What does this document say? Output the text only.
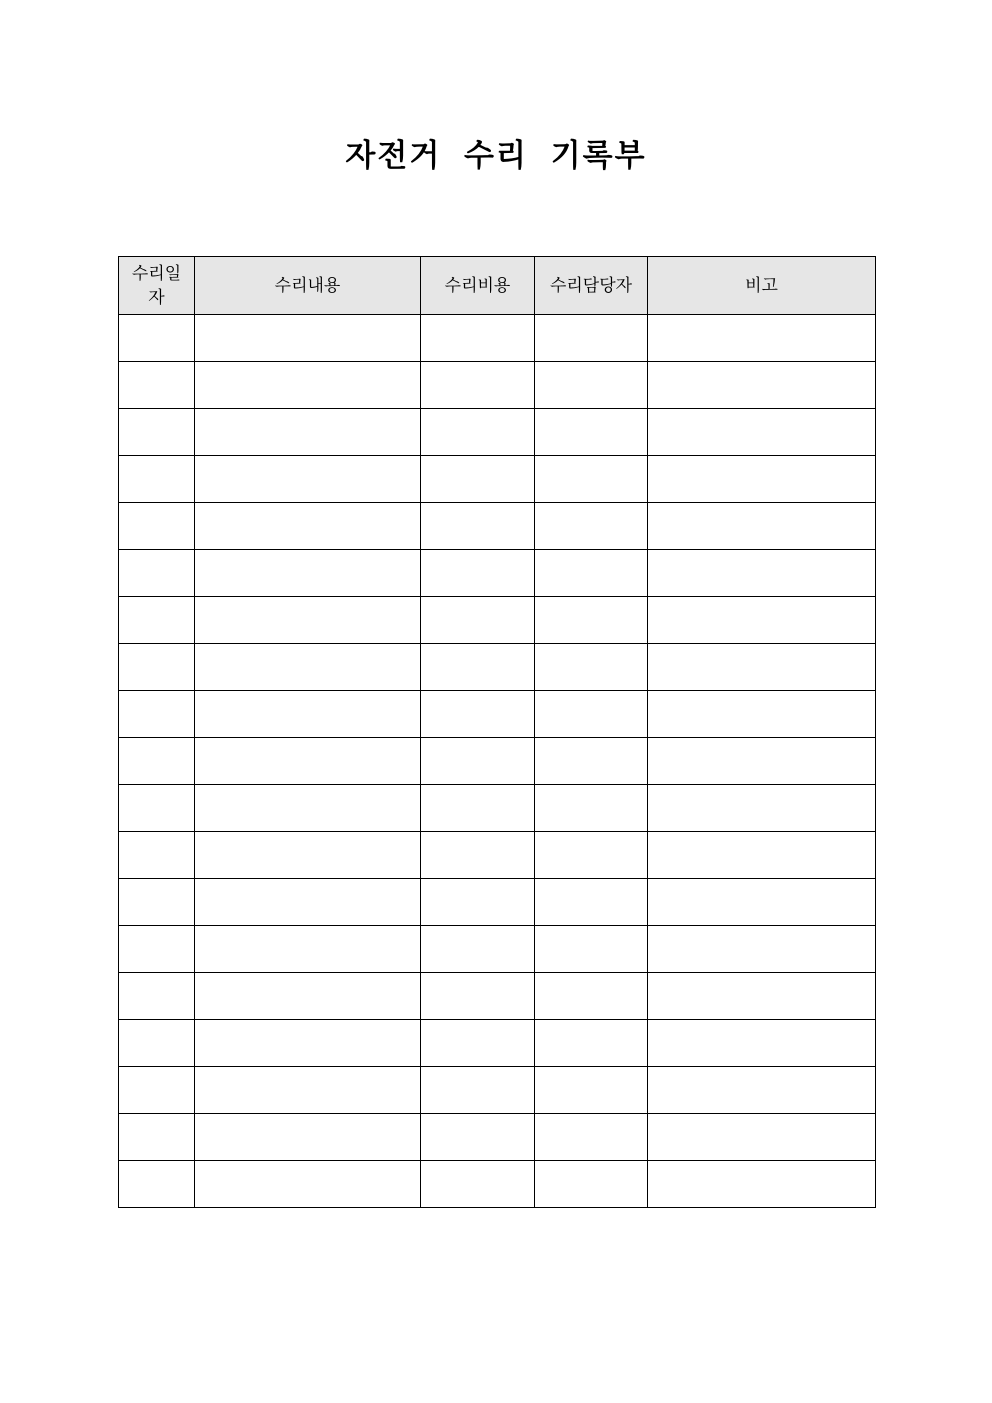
자전거 수리 기록부
수리일자	수리내용	수리비용	수리담당자	비고
